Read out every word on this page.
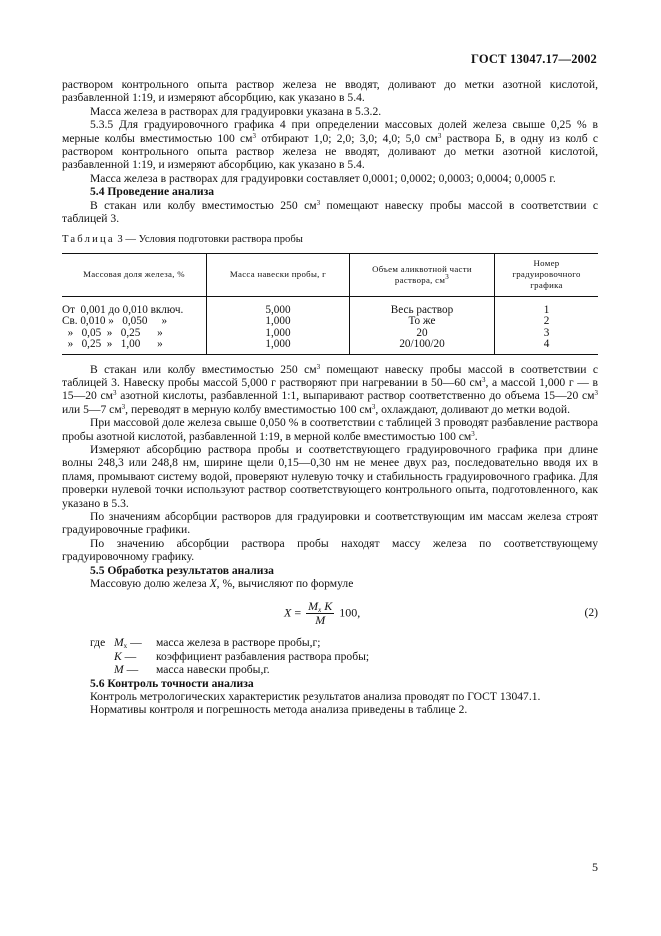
ГОСТ 13047.17—2002

раствором контрольного опыта раствор железа не вводят, доливают до метки азотной кислотой, разбавленной 1:19, и измеряют абсорбцию, как указано в 5.4.

Масса железа в растворах для градуировки указана в 5.3.2.

5.3.5 Для градуировочного графика 4 при определении массовых долей железа свыше 0,25 % в мерные колбы вместимостью 100 $см^3$ отбирают 1,0; 2,0; 3,0; 4,0; 5,0 $см^3$ раствора Б, в одну из колб с раствором контрольного опыта раствор железа не вводят, доливают до метки азотной кислотой, разбавленной 1:19, и измеряют абсорбцию, как указано в 5.4.

Масса железа в растворах для градуировки составляет 0,0001; 0,0002; 0,0003; 0,0004; 0,0005 г.

5.4 Проведение анализа

В стакан или колбу вместимостью 250 $см^3$ помещают навеску пробы массой в соответствии с таблицей 3.

Таблица 3 — Условия подготовки раствора пробы
Массовая доля железа, %	Масса навески пробы, г	Объем аликвотной части раствора, $см^3$	Номер градуировочного графика
От  0,001 до 0,010 включ.	5,000	Весь раствор	1
Св. 0,010 »   0,050     »	1,000	То же	2
»   0,05  »   0,25      »	1,000	20	3
»   0,25  »   1,00      »	1,000	20/100/20	4

В стакан или колбу вместимостью 250 $см^3$ помещают навеску пробы массой в соответствии с таблицей 3. Навеску пробы массой 5,000 г растворяют при нагревании в 50—60 $см^3$, а массой 1,000 г — в 15—20 $см^3$ азотной кислоты, разбавленной 1:1, выпаривают раствор соответственно до объема 15—20 $см^3$ или 5—7 $см^3$, переводят в мерную колбу вместимостью 100 $см^3$, охлаждают, доливают до метки водой.

При массовой доле железа свыше 0,050 % в соответствии с таблицей 3 проводят разбавление раствора пробы азотной кислотой, разбавленной 1:19, в мерной колбе вместимостью 100 $см^3$.

Измеряют абсорбцию раствора пробы и соответствующего градуировочного графика при длине волны 248,3 или 248,8 нм, ширине щели 0,15—0,30 нм не менее двух раз, последовательно вводя их в пламя, промывают систему водой, проверяют нулевую точку и стабильность градуировочного графика. Для проверки нулевой точки используют раствор соответствующего контрольного опыта, подготовленного, как указано в 5.3.

По значениям абсорбции растворов для градуировки и соответствующим им массам железа строят градуировочные графики.

По значению абсорбции раствора пробы находят массу железа по соответствующему градуировочному графику.

5.5 Обработка результатов анализа

Массовую долю железа X, %, вычисляют по формуле

$X = \frac{M_x K}{M} 100$,	(2)
где $M_x$ —	масса железа в растворе пробы,г;
K —	коэффициент разбавления раствора пробы;
M —	масса навески пробы,г.

5.6 Контроль точности анализа

Контроль метрологических характеристик результатов анализа проводят по ГОСТ 13047.1.

Нормативы контроля и погрешность метода анализа приведены в таблице 2.

5
